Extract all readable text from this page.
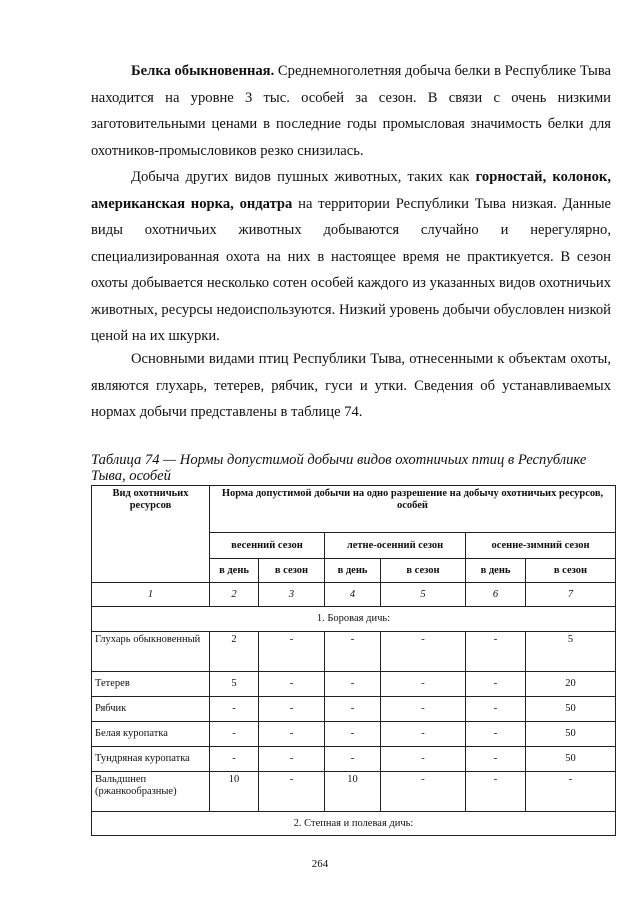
Белка обыкновенная. Среднемноголетняя добыча белки в Республике Тыва находится на уровне 3 тыс. особей за сезон. В связи с очень низкими заготовительными ценами в последние годы промысловая значимость белки для охотников-промысловиков резко снизилась.

Добыча других видов пушных животных, таких как горностай, колонок, американская норка, ондатра на территории Республики Тыва низкая. Данные виды охотничьих животных добываются случайно и нерегулярно, специализированная охота на них в настоящее время не практикуется. В сезон охоты добывается несколько сотен особей каждого из указанных видов охотничьих животных, ресурсы недоиспользуются. Низкий уровень добычи обусловлен низкой ценой на их шкурки.

Основными видами птиц Республики Тыва, отнесенными к объектам охоты, являются глухарь, тетерев, рябчик, гуси и утки. Сведения об устанавливаемых нормах добычи представлены в таблице 74.

Таблица 74 — Нормы допустимой добычи видов охотничьих птиц в Республике Тыва, особей

Вид охотничьих ресурсов	Норма допустимой добычи на одно разрешение на добычу охотничьих ресурсов, особей					
	весенний сезон		летне-осенний сезон		осенне-зимний сезон	
	в день	в сезон	в день	в сезон	в день	в сезон
1	2	3	4	5	6	7
1. Боровая дичь:						
Глухарь обыкновенный	2	-	-	-	-	5
Тетерев	5	-	-	-	-	20
Рябчик	-	-	-	-	-	50
Белая куропатка	-	-	-	-	-	50
Тундряная куропатка	-	-	-	-	-	50
Вальдшнеп (ржанкообразные)	10	-	10	-	-	-
2. Степная и полевая дичь:						
264
